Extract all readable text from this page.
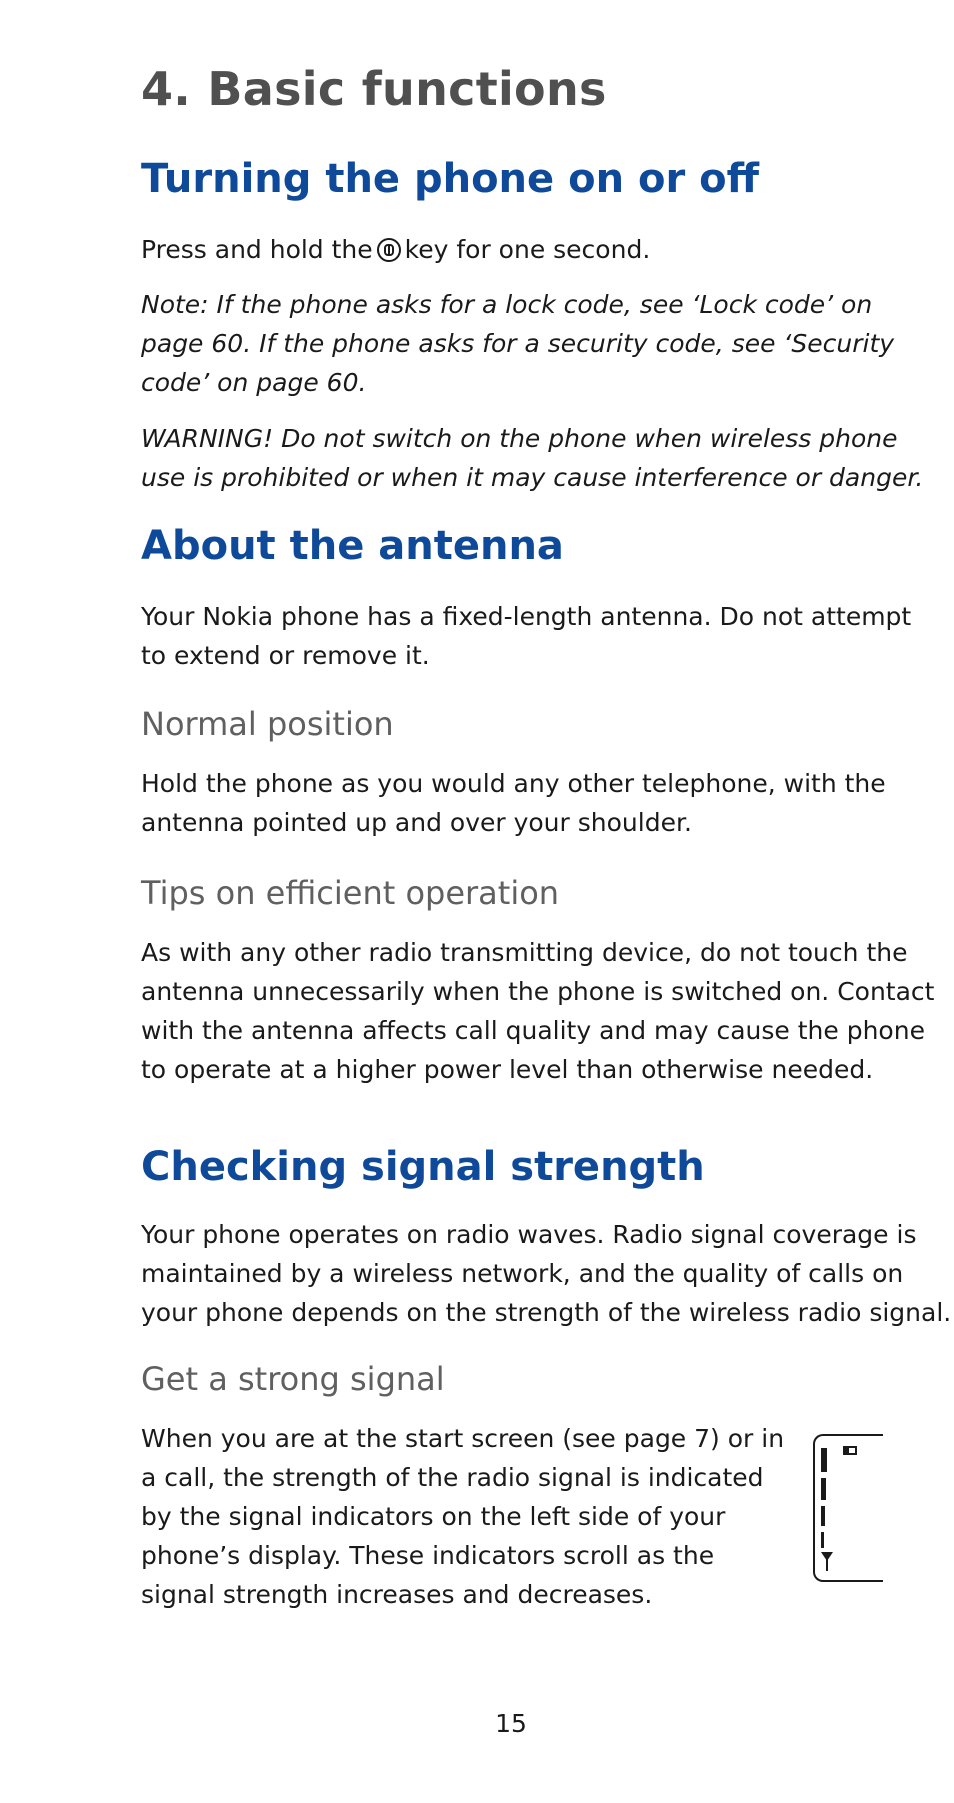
4. Basic functions
Turning the phone on or off

Press and hold the key for one second.

Note: If the phone asks for a lock code, see ‘Lock code’ on
page 60. If the phone asks for a security code, see ‘Security
code’ on page 60.

WARNING! Do not switch on the phone when wireless phone
use is prohibited or when it may cause interference or danger.

About the antenna

Your Nokia phone has a fixed-length antenna. Do not attempt
to extend or remove it.

Normal position

Hold the phone as you would any other telephone, with the
antenna pointed up and over your shoulder.

Tips on efficient operation

As with any other radio transmitting device, do not touch the
antenna unnecessarily when the phone is switched on. Contact
with the antenna affects call quality and may cause the phone
to operate at a higher power level than otherwise needed.

Checking signal strength

Your phone operates on radio waves. Radio signal coverage is
maintained by a wireless network, and the quality of calls on
your phone depends on the strength of the wireless radio signal.

Get a strong signal

When you are at the start screen (see page 7) or in
a call, the strength of the radio signal is indicated
by the signal indicators on the left side of your
phone’s display. These indicators scroll as the
signal strength increases and decreases.

15
